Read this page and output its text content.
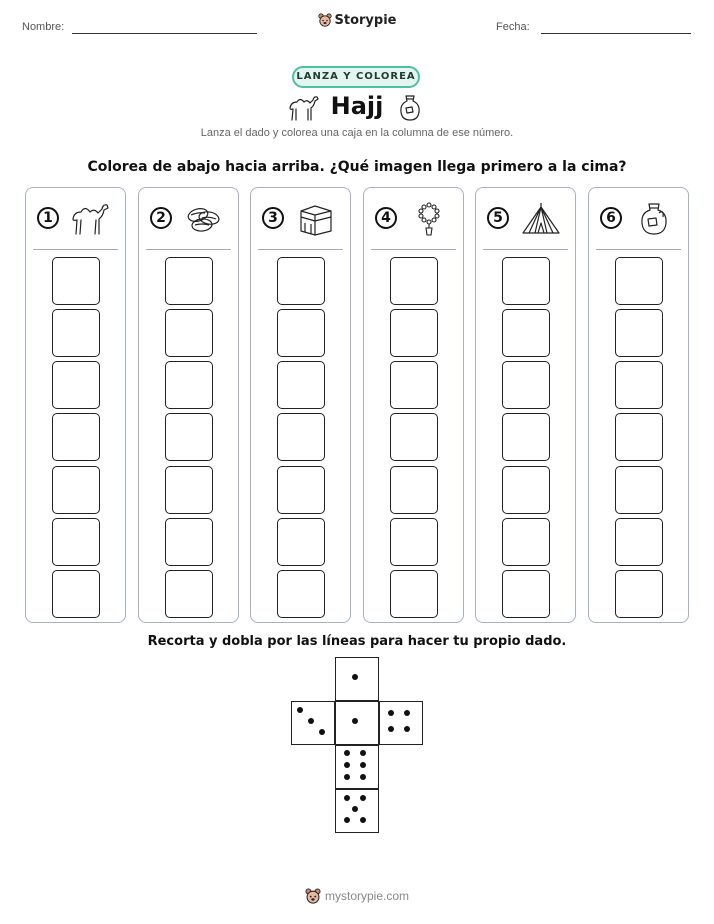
Nombre:	Fecha:
Storypie
LANZA Y COLOREA
Hajj
Lanza el dado y colorea una caja en la columna de ese número.
Colorea de abajo hacia arriba. ¿Qué imagen llega primero a la cima?
1	2	3	4	5	6
Recorta y dobla por las líneas para hacer tu propio dado.
mystorypie.com
